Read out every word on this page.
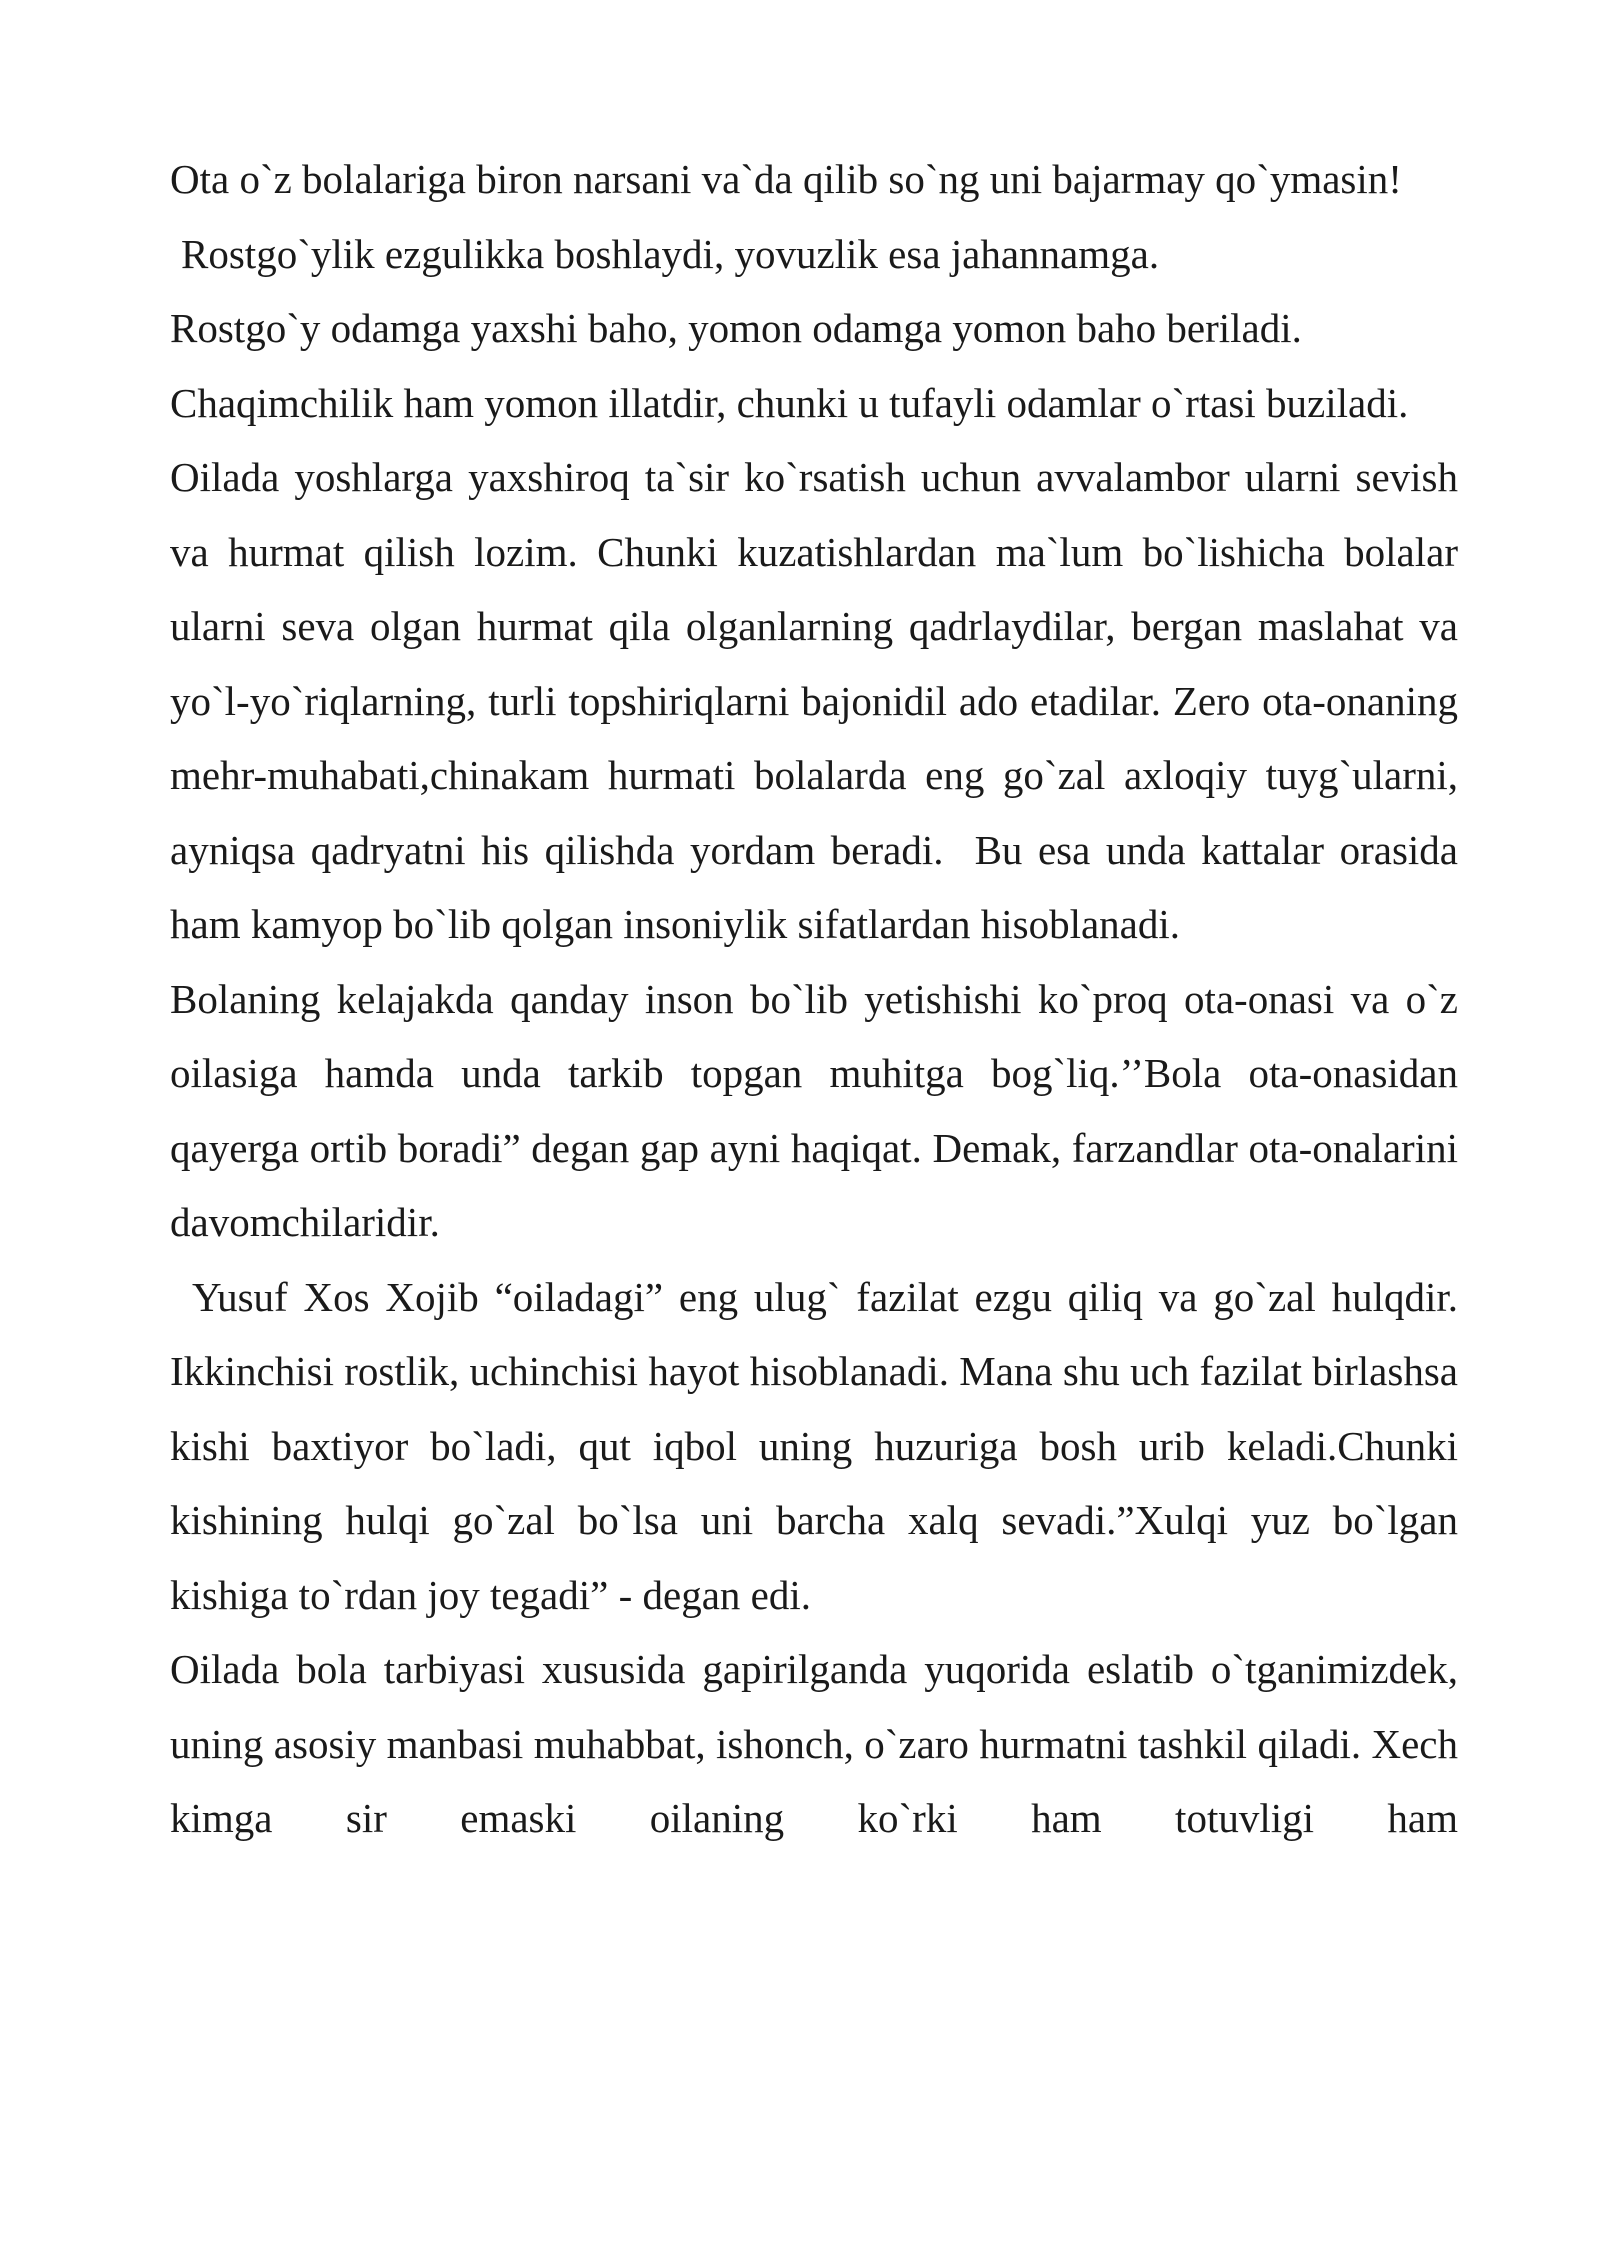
Ota o`z bolalariga biron narsani va`da qilib so`ng uni bajarmay qo`ymasin!

Rostgo`ylik ezgulikka boshlaydi, yovuzlik esa jahannamga.

Rostgo`y odamga yaxshi baho, yomon odamga yomon baho beriladi.

Chaqimchilik ham yomon illatdir, chunki u tufayli odamlar o`rtasi buziladi.

Oilada yoshlarga yaxshiroq ta`sir ko`rsatish uchun avvalambor ularni sevish va hurmat qilish lozim. Chunki kuzatishlardan ma`lum bo`lishicha bolalar ularni seva olgan hurmat qila olganlarning qadrlaydilar, bergan maslahat va yo`l-yo`riqlarning, turli topshiriqlarni bajonidil ado etadilar. Zero ota-onaning mehr-muhabati,chinakam hurmati bolalarda eng go`zal axloqiy tuyg`ularni, ayniqsa qadryatni his qilishda yordam beradi.  Bu esa unda kattalar orasida ham kamyop bo`lib qolgan insoniylik sifatlardan hisoblanadi.

Bolaning kelajakda qanday inson bo`lib yetishishi ko`proq ota-onasi va o`z oilasiga hamda unda tarkib topgan muhitga bog`liq.’’Bola ota-onasidan qayerga ortib boradi” degan gap ayni haqiqat. Demak, farzandlar ota-onalarini davomchilaridir.

Yusuf Xos Xojib “oiladagi” eng ulug` fazilat ezgu qiliq va go`zal hulqdir. Ikkinchisi rostlik, uchinchisi hayot hisoblanadi. Mana shu uch fazilat birlashsa kishi baxtiyor bo`ladi, qut iqbol uning huzuriga bosh urib keladi.Chunki kishining hulqi go`zal bo`lsa uni barcha xalq sevadi.”Xulqi yuz bo`lgan kishiga to`rdan joy tegadi” - degan edi.

Oilada bola tarbiyasi xususida gapirilganda yuqorida eslatib o`tganimizdek, uning asosiy manbasi muhabbat, ishonch, o`zaro hurmatni tashkil qiladi. Xech kimga sir emaski oilaning ko`rki ham totuvligi ham
